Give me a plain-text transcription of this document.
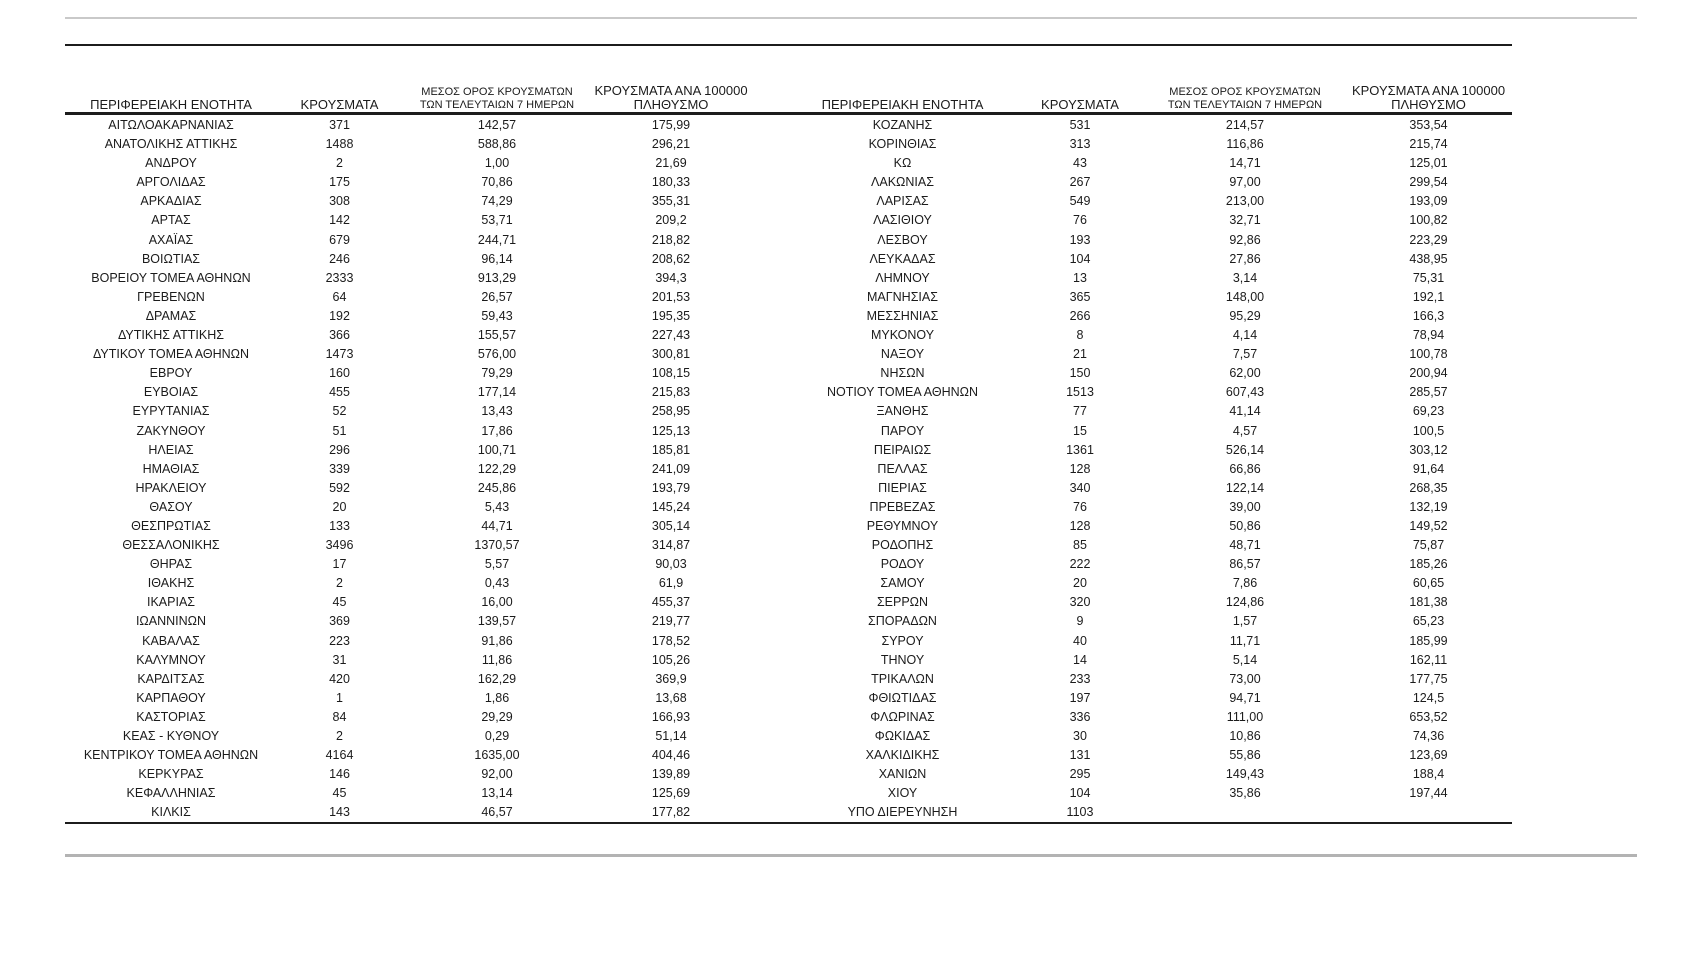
ΠΕΡΙΦΕΡΕΙΑΚΗ ΕΝΟΤΗΤΑ	ΚΡΟΥΣΜΑΤΑ	ΜΕΣΟΣ ΟΡΟΣ ΚΡΟΥΣΜΑΤΩΝ
ΤΩΝ ΤΕΛΕΥΤΑΙΩΝ 7 ΗΜΕΡΩΝ	ΚΡΟΥΣΜΑΤΑ ΑΝΑ 100000
ΠΛΗΘΥΣΜΟ

ΑΙΤΩΛΟΑΚΑΡΝΑΝΙΑΣ	371	142,57	175,99
ΑΝΑΤΟΛΙΚΗΣ ΑΤΤΙΚΗΣ	1488	588,86	296,21
ΑΝΔΡΟΥ	2	1,00	21,69
ΑΡΓΟΛΙΔΑΣ	175	70,86	180,33
ΑΡΚΑΔΙΑΣ	308	74,29	355,31
ΑΡΤΑΣ	142	53,71	209,2
ΑΧΑΪΑΣ	679	244,71	218,82
ΒΟΙΩΤΙΑΣ	246	96,14	208,62
ΒΟΡΕΙΟΥ ΤΟΜΕΑ ΑΘΗΝΩΝ	2333	913,29	394,3
ΓΡΕΒΕΝΩΝ	64	26,57	201,53
ΔΡΑΜΑΣ	192	59,43	195,35
ΔΥΤΙΚΗΣ ΑΤΤΙΚΗΣ	366	155,57	227,43
ΔΥΤΙΚΟΥ ΤΟΜΕΑ ΑΘΗΝΩΝ	1473	576,00	300,81
ΕΒΡΟΥ	160	79,29	108,15
ΕΥΒΟΙΑΣ	455	177,14	215,83
ΕΥΡΥΤΑΝΙΑΣ	52	13,43	258,95
ΖΑΚΥΝΘΟΥ	51	17,86	125,13
ΗΛΕΙΑΣ	296	100,71	185,81
ΗΜΑΘΙΑΣ	339	122,29	241,09
ΗΡΑΚΛΕΙΟΥ	592	245,86	193,79
ΘΑΣΟΥ	20	5,43	145,24
ΘΕΣΠΡΩΤΙΑΣ	133	44,71	305,14
ΘΕΣΣΑΛΟΝΙΚΗΣ	3496	1370,57	314,87
ΘΗΡΑΣ	17	5,57	90,03
ΙΘΑΚΗΣ	2	0,43	61,9
ΙΚΑΡΙΑΣ	45	16,00	455,37
ΙΩΑΝΝΙΝΩΝ	369	139,57	219,77
ΚΑΒΑΛΑΣ	223	91,86	178,52
ΚΑΛΥΜΝΟΥ	31	11,86	105,26
ΚΑΡΔΙΤΣΑΣ	420	162,29	369,9
ΚΑΡΠΑΘΟΥ	1	1,86	13,68
ΚΑΣΤΟΡΙΑΣ	84	29,29	166,93
ΚΕΑΣ - ΚΥΘΝΟΥ	2	0,29	51,14
ΚΕΝΤΡΙΚΟΥ ΤΟΜΕΑ ΑΘΗΝΩΝ	4164	1635,00	404,46
ΚΕΡΚΥΡΑΣ	146	92,00	139,89
ΚΕΦΑΛΛΗΝΙΑΣ	45	13,14	125,69
ΚΙΛΚΙΣ	143	46,57	177,82
ΠΕΡΙΦΕΡΕΙΑΚΗ ΕΝΟΤΗΤΑ	ΚΡΟΥΣΜΑΤΑ	ΜΕΣΟΣ ΟΡΟΣ ΚΡΟΥΣΜΑΤΩΝ
ΤΩΝ ΤΕΛΕΥΤΑΙΩΝ 7 ΗΜΕΡΩΝ	ΚΡΟΥΣΜΑΤΑ ΑΝΑ 100000
ΠΛΗΘΥΣΜΟ

ΚΟΖΑΝΗΣ	531	214,57	353,54
ΚΟΡΙΝΘΙΑΣ	313	116,86	215,74
ΚΩ	43	14,71	125,01
ΛΑΚΩΝΙΑΣ	267	97,00	299,54
ΛΑΡΙΣΑΣ	549	213,00	193,09
ΛΑΣΙΘΙΟΥ	76	32,71	100,82
ΛΕΣΒΟΥ	193	92,86	223,29
ΛΕΥΚΑΔΑΣ	104	27,86	438,95
ΛΗΜΝΟΥ	13	3,14	75,31
ΜΑΓΝΗΣΙΑΣ	365	148,00	192,1
ΜΕΣΣΗΝΙΑΣ	266	95,29	166,3
ΜΥΚΟΝΟΥ	8	4,14	78,94
ΝΑΞΟΥ	21	7,57	100,78
ΝΗΣΩΝ	150	62,00	200,94
ΝΟΤΙΟΥ ΤΟΜΕΑ ΑΘΗΝΩΝ	1513	607,43	285,57
ΞΑΝΘΗΣ	77	41,14	69,23
ΠΑΡΟΥ	15	4,57	100,5
ΠΕΙΡΑΙΩΣ	1361	526,14	303,12
ΠΕΛΛΑΣ	128	66,86	91,64
ΠΙΕΡΙΑΣ	340	122,14	268,35
ΠΡΕΒΕΖΑΣ	76	39,00	132,19
ΡΕΘΥΜΝΟΥ	128	50,86	149,52
ΡΟΔΟΠΗΣ	85	48,71	75,87
ΡΟΔΟΥ	222	86,57	185,26
ΣΑΜΟΥ	20	7,86	60,65
ΣΕΡΡΩΝ	320	124,86	181,38
ΣΠΟΡΑΔΩΝ	9	1,57	65,23
ΣΥΡΟΥ	40	11,71	185,99
ΤΗΝΟΥ	14	5,14	162,11
ΤΡΙΚΑΛΩΝ	233	73,00	177,75
ΦΘΙΩΤΙΔΑΣ	197	94,71	124,5
ΦΛΩΡΙΝΑΣ	336	111,00	653,52
ΦΩΚΙΔΑΣ	30	10,86	74,36
ΧΑΛΚΙΔΙΚΗΣ	131	55,86	123,69
ΧΑΝΙΩΝ	295	149,43	188,4
ΧΙΟΥ	104	35,86	197,44
ΥΠΟ ΔΙΕΡΕΥΝΗΣΗ	1103		
